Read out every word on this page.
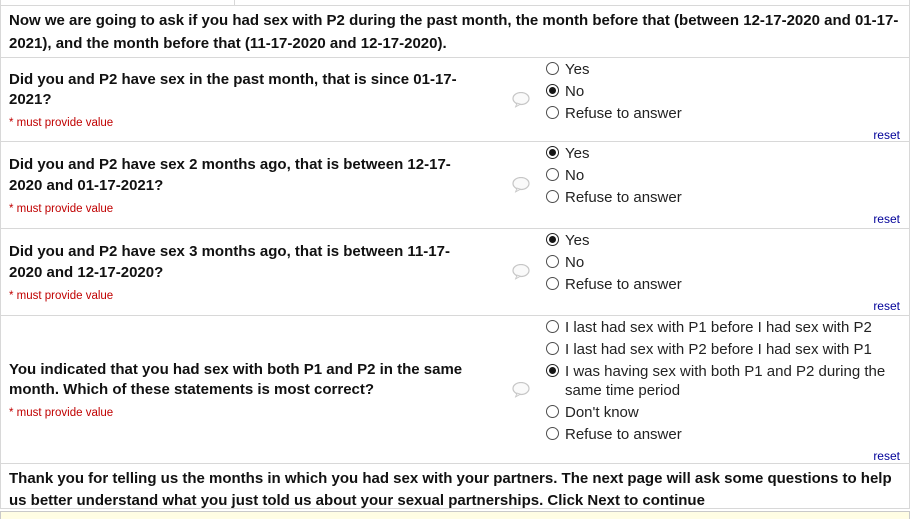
Now we are going to ask if you had sex with P2 during the past month, the month before that (between 12-17-2020 and 01-17-2021), and the month before that (11-17-2020 and 12-17-2020).
Did you and P2 have sex in the past month, that is since 01-17-2021?
* must provide value
Yes
No
Refuse to answer
reset
Did you and P2 have sex 2 months ago, that is between 12-17-2020 and 01-17-2021?
* must provide value
Yes
No
Refuse to answer
reset
Did you and P2 have sex 3 months ago, that is between 11-17-2020 and 12-17-2020?
* must provide value
Yes
No
Refuse to answer
reset
You indicated that you had sex with both P1 and P2 in the same month. Which of these statements is most correct?
* must provide value
I last had sex with P1 before I had sex with P2
I last had sex with P2 before I had sex with P1
I was having sex with both P1 and P2 during the same time period
Don't know
Refuse to answer
reset
Thank you for telling us the months in which you had sex with your partners. The next page will ask some questions to help us better understand what you just told us about your sexual partnerships. Click Next to continue
